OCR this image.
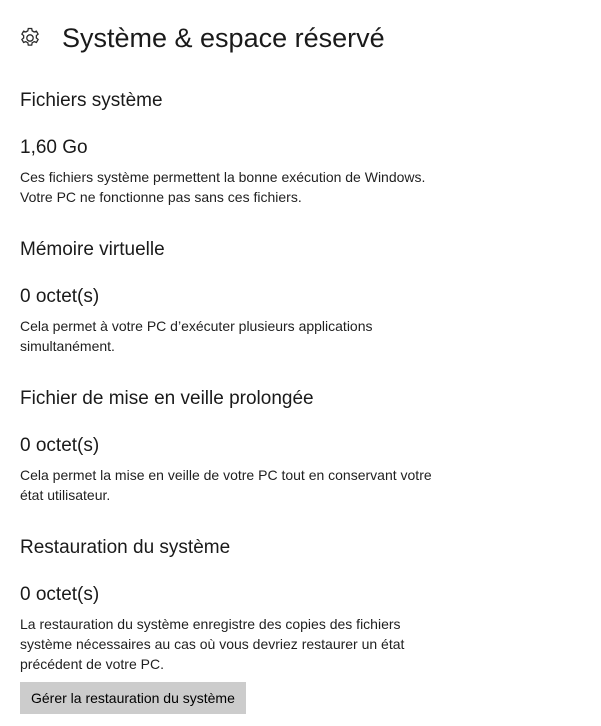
Système & espace réservé
Fichiers système
1,60 Go
Ces fichiers système permettent la bonne exécution de Windows.
Votre PC ne fonctionne pas sans ces fichiers.
Mémoire virtuelle
0 octet(s)
Cela permet à votre PC d’exécuter plusieurs applications
simultanément.
Fichier de mise en veille prolongée
0 octet(s)
Cela permet la mise en veille de votre PC tout en conservant votre
état utilisateur.
Restauration du système
0 octet(s)
La restauration du système enregistre des copies des fichiers
système nécessaires au cas où vous devriez restaurer un état
précédent de votre PC.
Gérer la restauration du système
